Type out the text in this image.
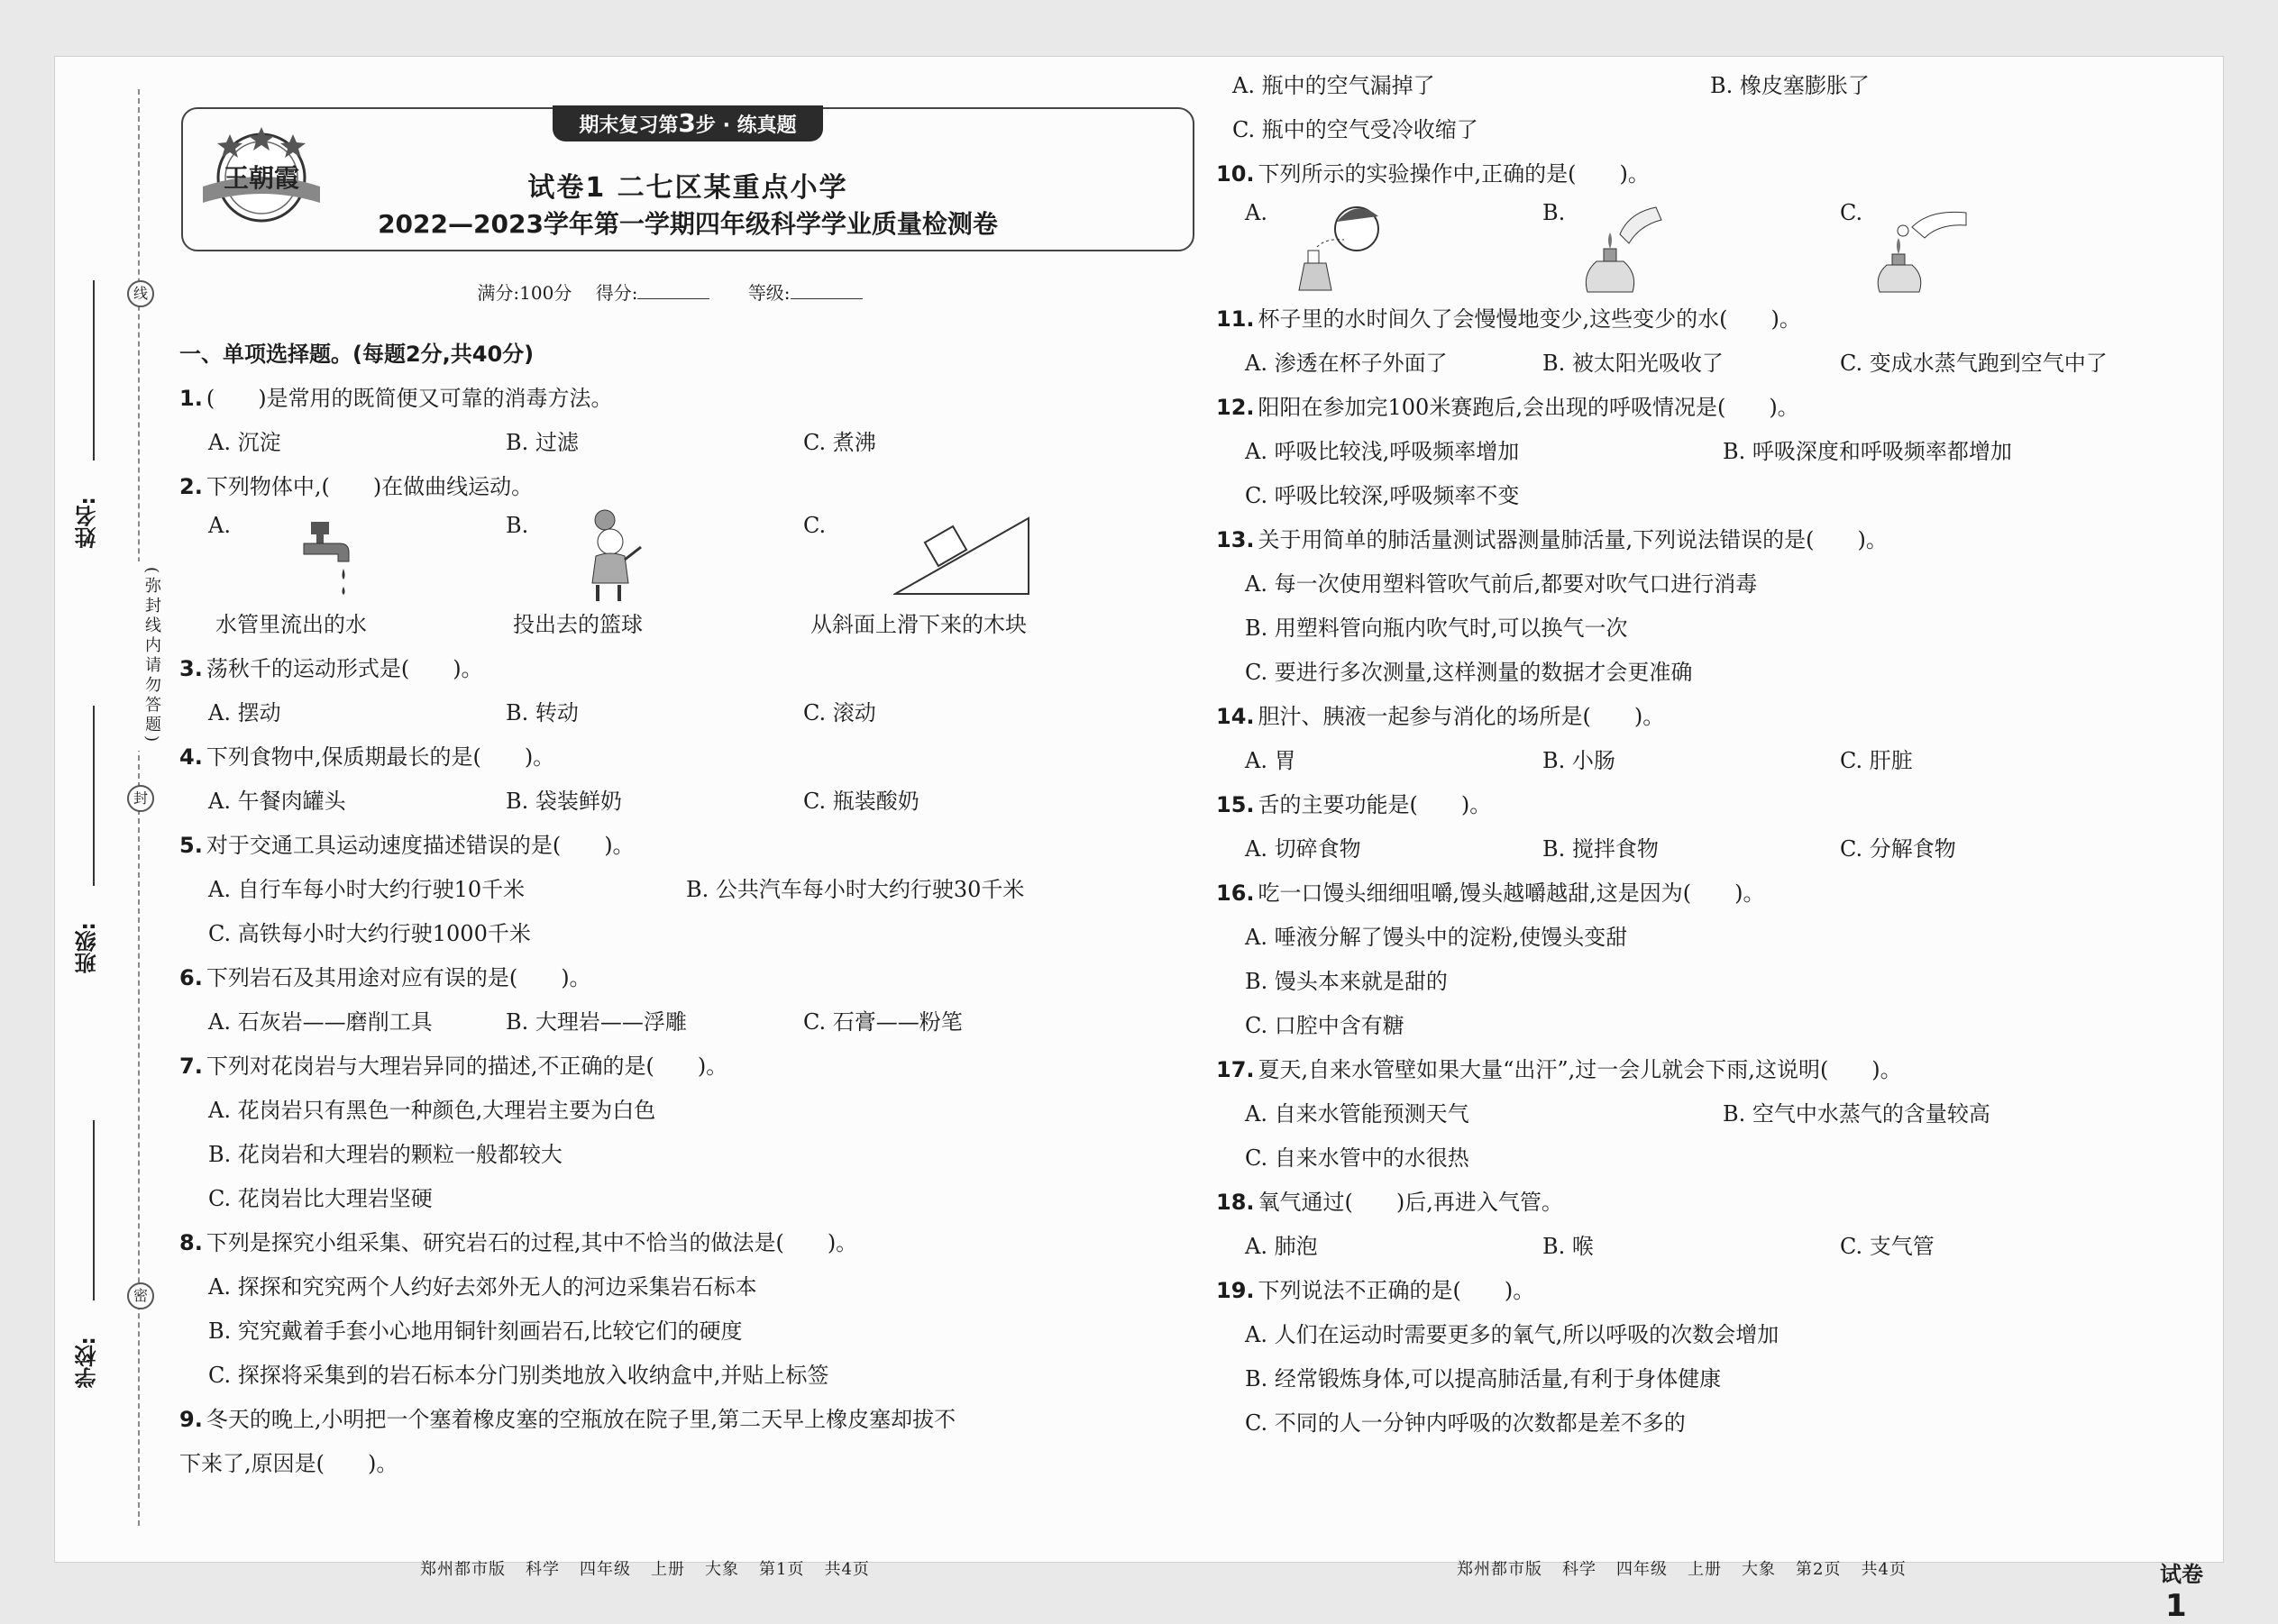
线
封
密
(弥封线内请勿答题)
姓名:
班级:
学校:
王朝霞
期末复习第3步 · 练真题
试卷1 二七区某重点小学
2022—2023学年第一学期四年级科学学业质量检测卷
满分:100分 得分:	等级:
一、单项选择题。(每题2分,共40分)
1. (　　)是常用的既简便又可靠的消毒方法。
A. 沉淀	B. 过滤	C. 煮沸
2. 下列物体中,(　　)在做曲线运动。
A.	B.	C.
水管里流出的水	投出去的篮球	从斜面上滑下来的木块
3. 荡秋千的运动形式是(　　)。
A. 摆动	B. 转动	C. 滚动
4. 下列食物中,保质期最长的是(　　)。
A. 午餐肉罐头	B. 袋装鲜奶	C. 瓶装酸奶
5. 对于交通工具运动速度描述错误的是(　　)。
A. 自行车每小时大约行驶10千米	B. 公共汽车每小时大约行驶30千米
C. 高铁每小时大约行驶1000千米
6. 下列岩石及其用途对应有误的是(　　)。
A. 石灰岩——磨削工具	B. 大理岩——浮雕	C. 石膏——粉笔
7. 下列对花岗岩与大理岩异同的描述,不正确的是(　　)。
A. 花岗岩只有黑色一种颜色,大理岩主要为白色
B. 花岗岩和大理岩的颗粒一般都较大
C. 花岗岩比大理岩坚硬
8. 下列是探究小组采集、研究岩石的过程,其中不恰当的做法是(　　)。
A. 探探和究究两个人约好去郊外无人的河边采集岩石标本
B. 究究戴着手套小心地用铜针刻画岩石,比较它们的硬度
C. 探探将采集到的岩石标本分门别类地放入收纳盒中,并贴上标签
9. 冬天的晚上,小明把一个塞着橡皮塞的空瓶放在院子里,第二天早上橡皮塞却拔不
下来了,原因是(　　)。
郑州都市版 科学 四年级 上册 大象 第1页 共4页
A. 瓶中的空气漏掉了	B. 橡皮塞膨胀了
C. 瓶中的空气受冷收缩了
10. 下列所示的实验操作中,正确的是(　　)。
A.	B.	C.
11. 杯子里的水时间久了会慢慢地变少,这些变少的水(　　)。
A. 渗透在杯子外面了	B. 被太阳光吸收了	C. 变成水蒸气跑到空气中了
12. 阳阳在参加完100米赛跑后,会出现的呼吸情况是(　　)。
A. 呼吸比较浅,呼吸频率增加	B. 呼吸深度和呼吸频率都增加
C. 呼吸比较深,呼吸频率不变
13. 关于用简单的肺活量测试器测量肺活量,下列说法错误的是(　　)。
A. 每一次使用塑料管吹气前后,都要对吹气口进行消毒
B. 用塑料管向瓶内吹气时,可以换气一次
C. 要进行多次测量,这样测量的数据才会更准确
14. 胆汁、胰液一起参与消化的场所是(　　)。
A. 胃	B. 小肠	C. 肝脏
15. 舌的主要功能是(　　)。
A. 切碎食物	B. 搅拌食物	C. 分解食物
16. 吃一口馒头细细咀嚼,馒头越嚼越甜,这是因为(　　)。
A. 唾液分解了馒头中的淀粉,使馒头变甜
B. 馒头本来就是甜的
C. 口腔中含有糖
17. 夏天,自来水管壁如果大量“出汗”,过一会儿就会下雨,这说明(　　)。
A. 自来水管能预测天气	B. 空气中水蒸气的含量较高
C. 自来水管中的水很热
18. 氧气通过(　　)后,再进入气管。
A. 肺泡	B. 喉	C. 支气管
19. 下列说法不正确的是(　　)。
A. 人们在运动时需要更多的氧气,所以呼吸的次数会增加
B. 经常锻炼身体,可以提高肺活量,有利于身体健康
C. 不同的人一分钟内呼吸的次数都是差不多的
郑州都市版 科学 四年级 上册 大象 第2页 共4页	试卷1
